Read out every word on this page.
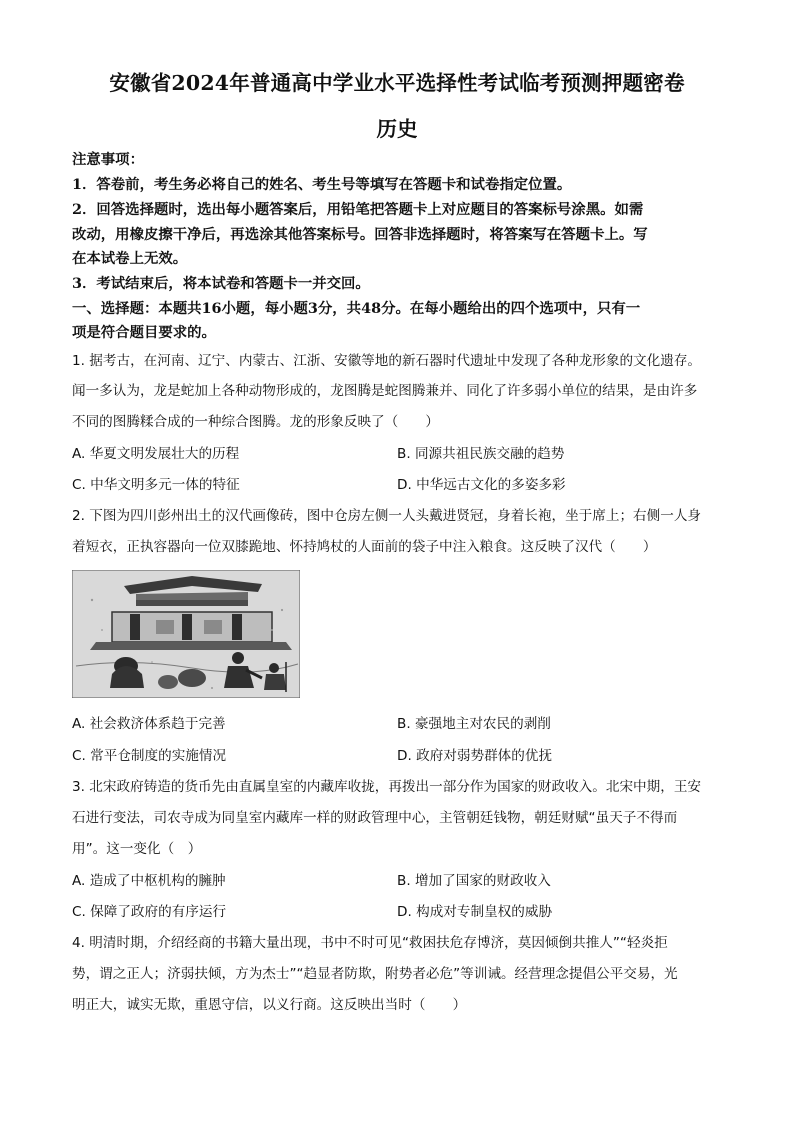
安徽省2024年普通高中学业水平选择性考试临考预测押题密卷
历史
注意事项：
1．答卷前，考生务必将自己的姓名、考生号等填写在答题卡和试卷指定位置。
2．回答选择题时，选出每小题答案后，用铅笔把答题卡上对应题目的答案标号涂黑。如需
改动，用橡皮擦干净后，再选涂其他答案标号。回答非选择题时，将答案写在答题卡上。写
在本试卷上无效。
3．考试结束后，将本试卷和答题卡一并交回。
一、选择题：本题共16小题，每小题3分，共48分。在每小题给出的四个选项中，只有一
项是符合题目要求的。
1. 据考古，在河南、辽宁、内蒙古、江浙、安徽等地的新石器时代遗址中发现了各种龙形象的文化遗存。
闻一多认为，龙是蛇加上各种动物形成的，龙图腾是蛇图腾兼并、同化了许多弱小单位的结果，是由许多
不同的图腾糅合成的一种综合图腾。龙的形象反映了（　　）
A. 华夏文明发展壮大的历程	B. 同源共祖民族交融的趋势
C. 中华文明多元一体的特征	D. 中华远古文化的多姿多彩
2. 下图为四川彭州出土的汉代画像砖，图中仓房左侧一人头戴进贤冠，身着长袍，坐于席上；右侧一人身
着短衣，正执容器向一位双膝跪地、怀持鸠杖的人面前的袋子中注入粮食。这反映了汉代（　　）
A. 社会救济体系趋于完善	B. 豪强地主对农民的剥削
C. 常平仓制度的实施情况	D. 政府对弱势群体的优抚
3. 北宋政府铸造的货币先由直属皇室的内藏库收拢，再拨出一部分作为国家的财政收入。北宋中期，王安
石进行变法，司农寺成为同皇室内藏库一样的财政管理中心，主管朝廷钱物，朝廷财赋“虽天子不得而
用”。这一变化（　）
A. 造成了中枢机构的臃肿	B. 增加了国家的财政收入
C. 保障了政府的有序运行	D. 构成对专制皇权的威胁
4. 明清时期，介绍经商的书籍大量出现，书中不时可见“救困扶危存博济，莫因倾倒共推人”“轻炎拒
势，谓之正人；济弱扶倾，方为杰士”“趋显者防欺，附势者必危”等训诫。经营理念提倡公平交易，光
明正大，诚实无欺，重恩守信，以义行商。这反映出当时（　　）
